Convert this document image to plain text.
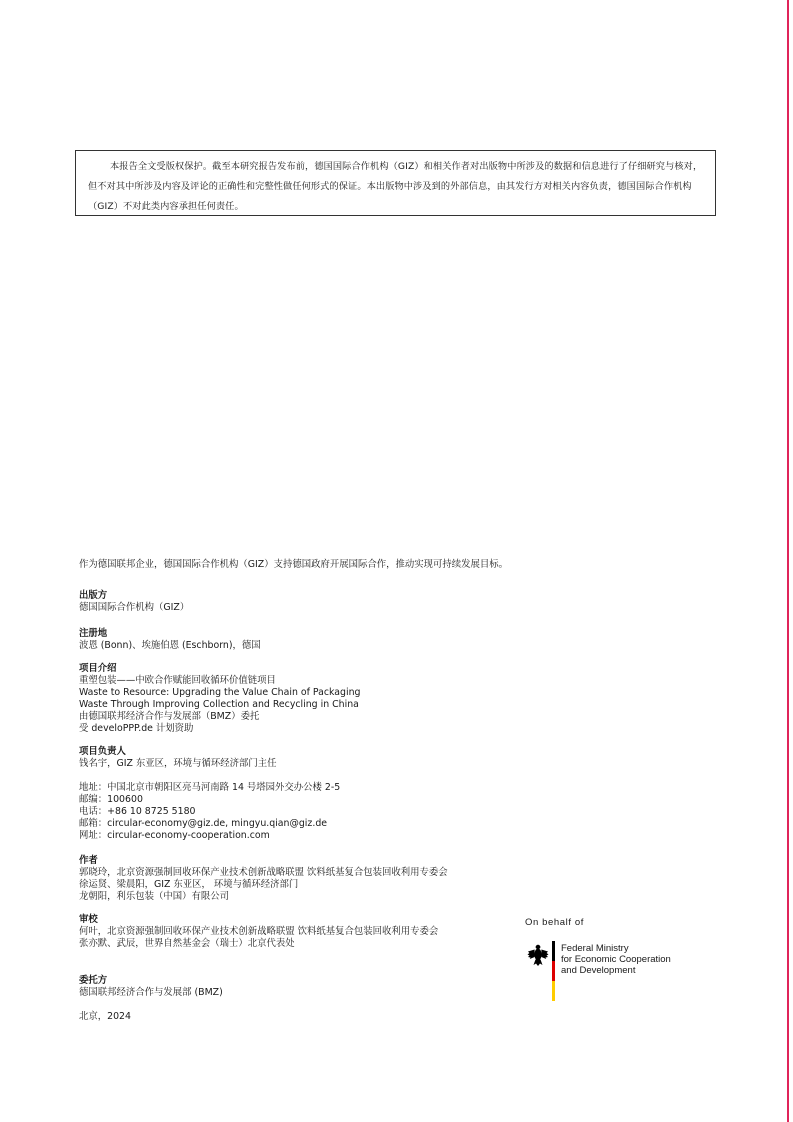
本报告全文受版权保护。截至本研究报告发布前，德国国际合作机构（GIZ）和相关作者对出版物中所涉及的数据和信息进行了仔细研究与核对，但不对其中所涉及内容及评论的正确性和完整性做任何形式的保证。本出版物中涉及到的外部信息，由其发行方对相关内容负责，德国国际合作机构（GIZ）不对此类内容承担任何责任。

作为德国联邦企业，德国国际合作机构（GIZ）支持德国政府开展国际合作，推动实现可持续发展目标。
出版方
德国国际合作机构（GIZ）
注册地
波恩 (Bonn)、埃施伯恩 (Eschborn)，德国
项目介绍
重塑包装——中欧合作赋能回收循环价值链项目
Waste to Resource: Upgrading the Value Chain of Packaging
Waste Through Improving Collection and Recycling in China
由德国联邦经济合作与发展部（BMZ）委托
受 develoPPP.de 计划资助
项目负责人
钱名宇，GIZ 东亚区，环境与循环经济部门主任
地址：中国北京市朝阳区亮马河南路 14 号塔园外交办公楼 2-5
邮编：100600
电话：+86 10 8725 5180
邮箱：circular-economy@giz.de, mingyu.qian@giz.de
网址：circular-economy-cooperation.com
作者
郭晓玲，北京资源强制回收环保产业技术创新战略联盟 饮料纸基复合包装回收利用专委会
徐运贤、梁晨阳，GIZ 东亚区， 环境与循环经济部门
龙朝阳，利乐包装（中国）有限公司
审校
何叶，北京资源强制回收环保产业技术创新战略联盟 饮料纸基复合包装回收利用专委会
张亦默、武辰，世界自然基金会（瑞士）北京代表处
委托方
德国联邦经济合作与发展部 (BMZ)
北京，2024
On behalf of
Federal Ministry
for Economic Cooperation
and Development
